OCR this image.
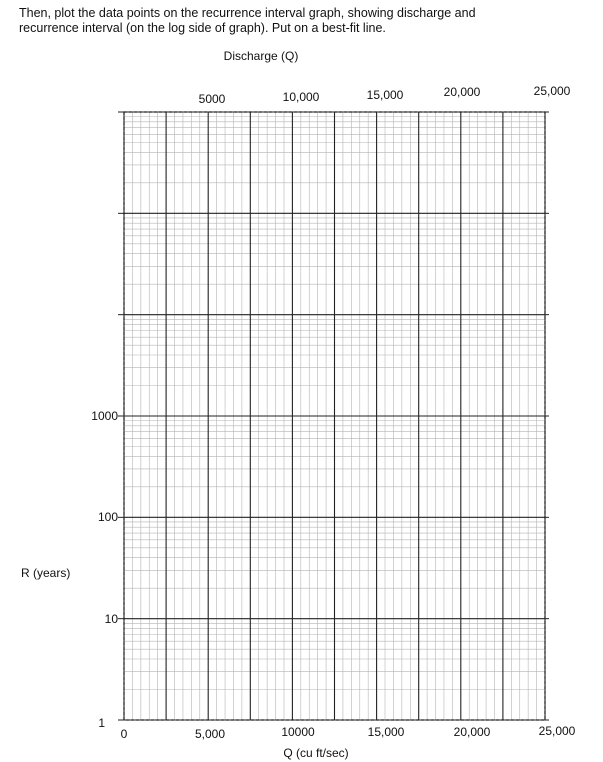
Then, plot the data points on the recurrence interval graph, showing discharge and
recurrence interval (on the log side of graph). Put on a best-fit line.
Discharge (Q)
5000	10,000	15,000	20,000	25,000
1000
100
10
1
R (years)
0	5,000	10000	15,000	20,000	25,000
Q (cu ft/sec)
